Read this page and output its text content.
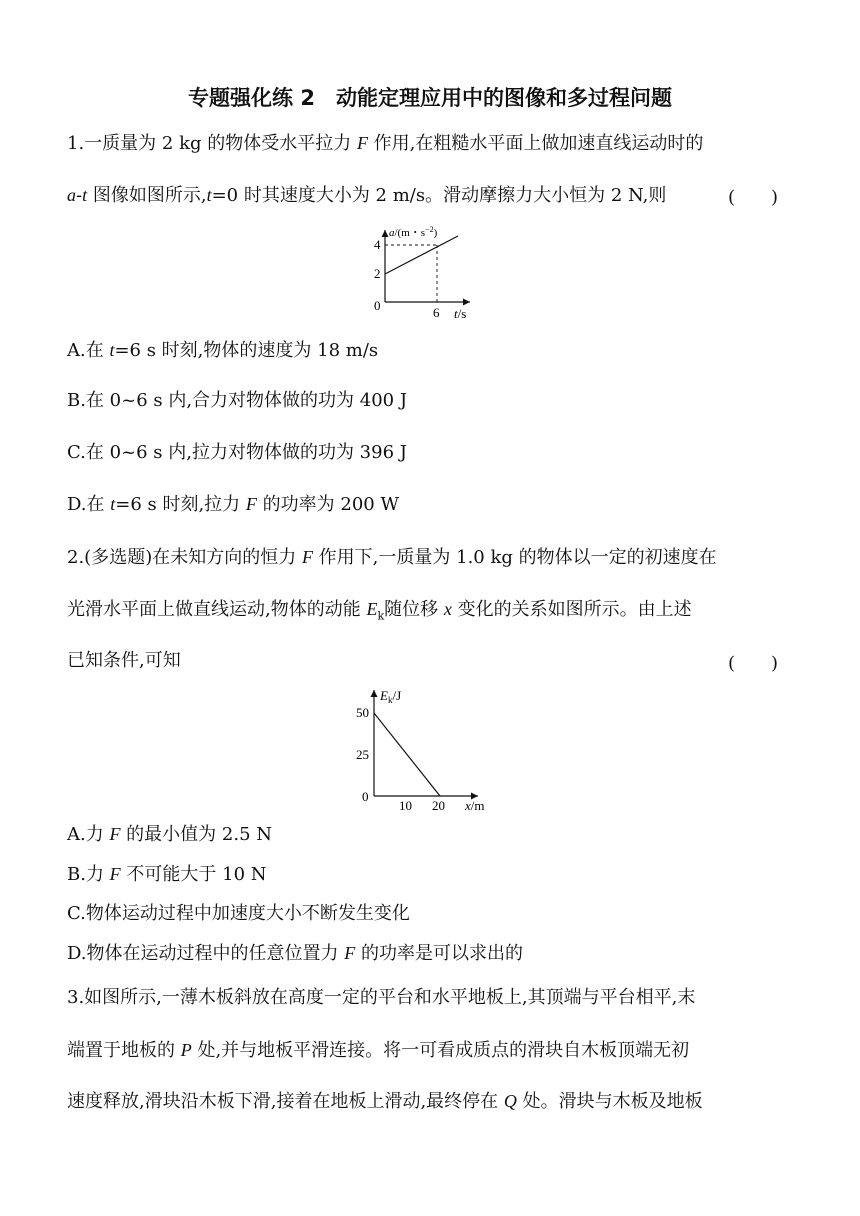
专题强化练 2　动能定理应用中的图像和多过程问题
1.一质量为 2 kg 的物体受水平拉力 F 作用,在粗糙水平面上做加速直线运动时的
a-t 图像如图所示,t=0 时其速度大小为 2 m/s。滑动摩擦力大小恒为 2 N,则	(　　)
a/(m・$s^{-2}$)
4
2
0	6 t/s
A.在 t=6 s 时刻,物体的速度为 18 m/s
B.在 0~6 s 内,合力对物体做的功为 400 J
C.在 0~6 s 内,拉力对物体做的功为 396 J
D.在 t=6 s 时刻,拉力 F 的功率为 200 W
2.(多选题)在未知方向的恒力 F 作用下,一质量为 1.0 kg 的物体以一定的初速度在
光滑水平面上做直线运动,物体的动能 $E_k$随位移 x 变化的关系如图所示。由上述
已知条件,可知	(　　)
$E_k/J$
50
25
0
10 20 x/m
A.力 F 的最小值为 2.5 N
B.力 F 不可能大于 10 N
C.物体运动过程中加速度大小不断发生变化
D.物体在运动过程中的任意位置力 F 的功率是可以求出的
3.如图所示,一薄木板斜放在高度一定的平台和水平地板上,其顶端与平台相平,末
端置于地板的 P 处,并与地板平滑连接。将一可看成质点的滑块自木板顶端无初
速度释放,滑块沿木板下滑,接着在地板上滑动,最终停在 Q 处。滑块与木板及地板
